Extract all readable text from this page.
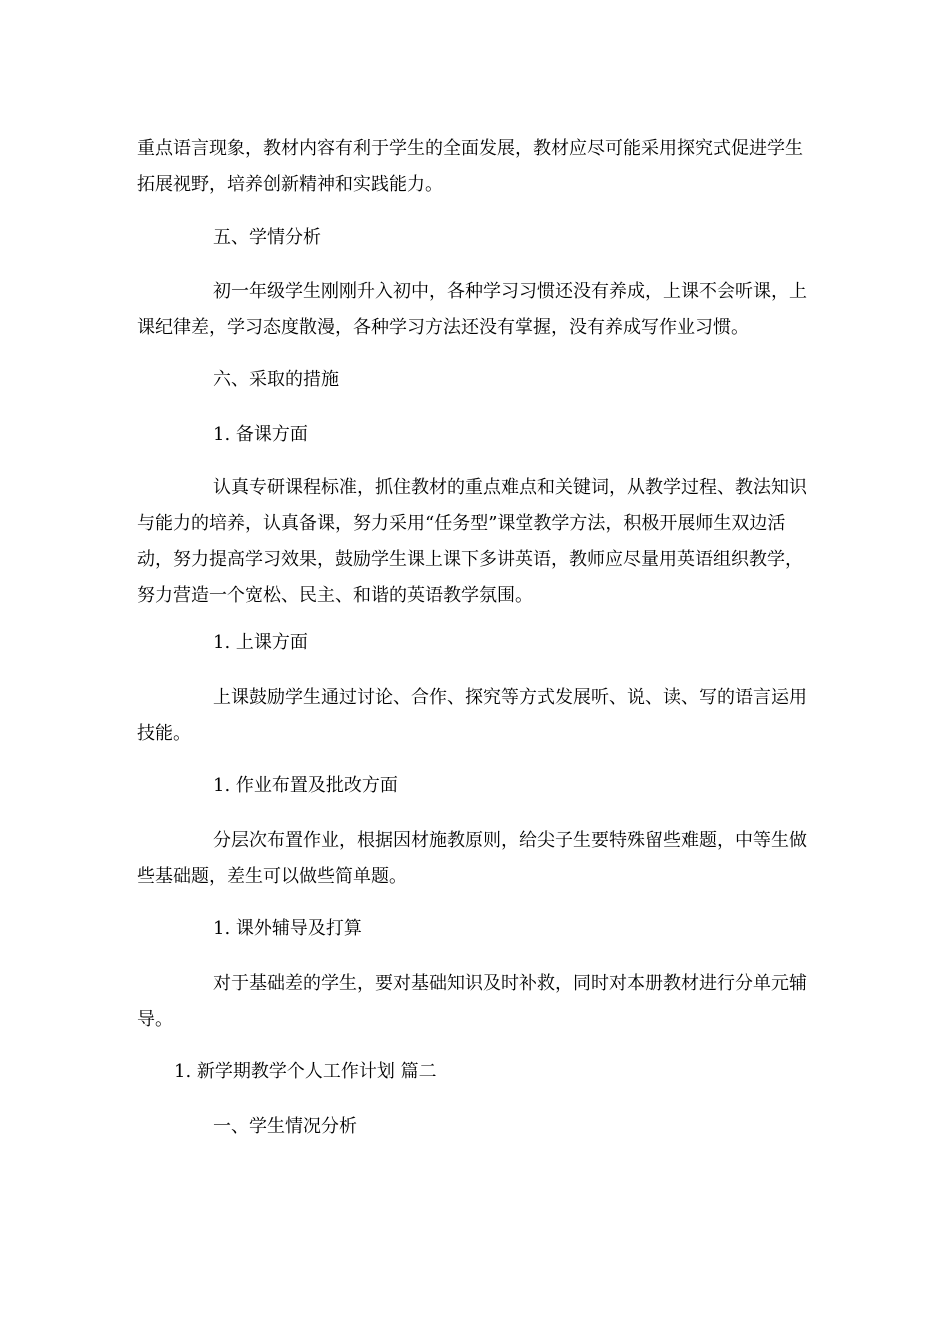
重点语言现象，教材内容有利于学生的全面发展，教材应尽可能采用探究式促进学生拓展视野，培养创新精神和实践能力。

五、学情分析

初一年级学生刚刚升入初中，各种学习习惯还没有养成，上课不会听课，上课纪律差，学习态度散漫，各种学习方法还没有掌握，没有养成写作业习惯。

六、采取的措施

1. 备课方面

认真专研课程标准，抓住教材的重点难点和关键词，从教学过程、教法知识与能力的培养，认真备课，努力采用“任务型”课堂教学方法，积极开展师生双边活动，努力提高学习效果，鼓励学生课上课下多讲英语，教师应尽量用英语组织教学，努力营造一个宽松、民主、和谐的英语教学氛围。

1. 上课方面

上课鼓励学生通过讨论、合作、探究等方式发展听、说、读、写的语言运用技能。

1. 作业布置及批改方面

分层次布置作业，根据因材施教原则，给尖子生要特殊留些难题，中等生做些基础题，差生可以做些简单题。

1. 课外辅导及打算

对于基础差的学生，要对基础知识及时补救，同时对本册教材进行分单元辅导。

1. 新学期教学个人工作计划 篇二

一、学生情况分析
